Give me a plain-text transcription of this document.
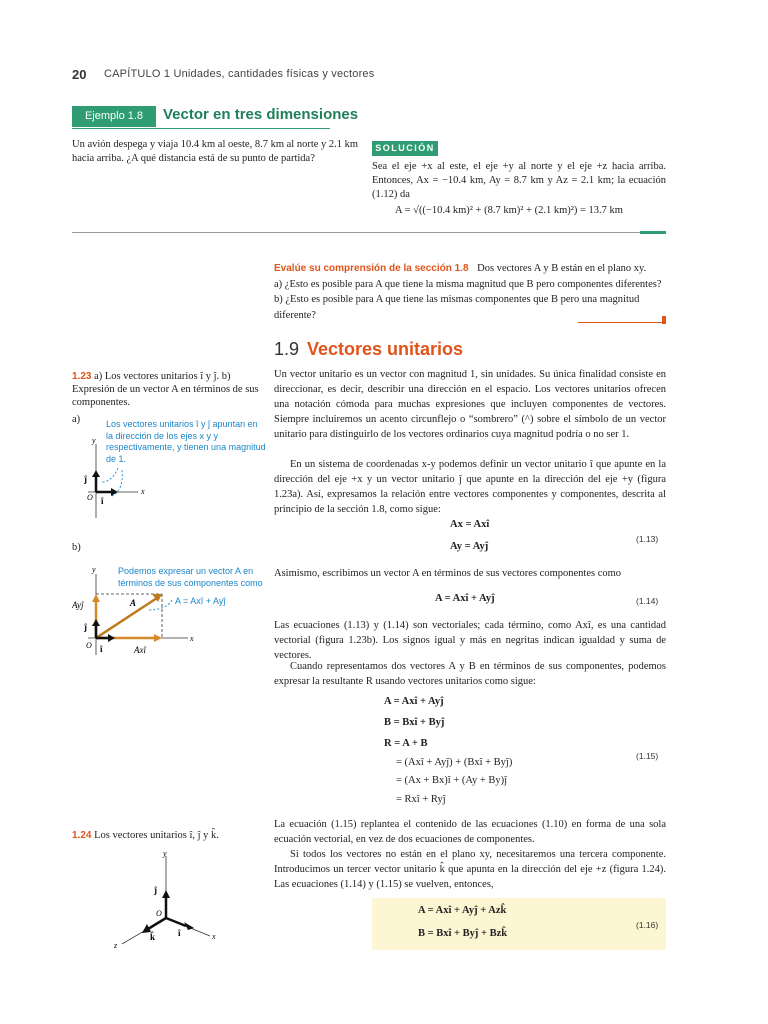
20 CAPÍTULO 1 Unidades, cantidades físicas y vectores
Ejemplo 1.8	Vector en tres dimensiones
Un avión despega y viaja 10.4 km al oeste, 8.7 km al norte y 2.1 km hacia arriba. ¿A qué distancia está de su punto de partida?
SOLUCIÓN
Sea el eje +x al este, el eje +y al norte y el eje +z hacia arriba. Entonces, Ax = −10.4 km, Ay = 8.7 km y Az = 2.1 km; la ecuación (1.12) da
A = √((−10.4 km)² + (8.7 km)² + (2.1 km)²) = 13.7 km
Evalúe su comprensión de la sección 1.8 Dos vectores A y B están en el plano xy.
a) ¿Esto es posible para A que tiene la misma magnitud que B pero componentes diferentes?
b) ¿Esto es posible para A que tiene las mismas componentes que B pero una magnitud diferente?
1.9 Vectores unitarios
Un vector unitario es un vector con magnitud 1, sin unidades. Su única finalidad consiste en direccionar, es decir, describir una dirección en el espacio. Los vectores unitarios ofrecen una notación cómoda para muchas expresiones que incluyen componentes de vectores. Siempre incluiremos un acento circunflejo o “sombrero” (^) sobre el símbolo de un vector unitario para distinguirlo de los vectores ordinarios cuya magnitud podría o no ser 1.
En un sistema de coordenadas x-y podemos definir un vector unitario î que apunte en la dirección del eje +x y un vector unitario ĵ que apunte en la dirección del eje +y (figura 1.23a). Así, expresamos la relación entre vectores componentes y componentes, descrita al principio de la sección 1.8, como sigue:
Ax = Axî
Ay = Ayĵ
(1.13)
Asimismo, escribimos un vector A en términos de sus vectores componentes como
A = Axî + Ayĵ	(1.14)
Las ecuaciones (1.13) y (1.14) son vectoriales; cada término, como Axî, es una cantidad vectorial (figura 1.23b). Los signos igual y más en negritas indican igualdad y suma de vectores.
Cuando representamos dos vectores A y B en términos de sus componentes, podemos expresar la resultante R usando vectores unitarios como sigue:
A = Axî + Ayĵ
B = Bxî + Byĵ
R = A + B
= (Axî + Ayĵ) + (Bxî + Byĵ)
= (Ax + Bx)î + (Ay + By)ĵ
= Rxî + Ryĵ
(1.15)
La ecuación (1.15) replantea el contenido de las ecuaciones (1.10) en forma de una sola ecuación vectorial, en vez de dos ecuaciones de componentes.
Si todos los vectores no están en el plano xy, necesitaremos una tercera componente. Introducimos un tercer vector unitario k̂ que apunta en la dirección del eje +z (figura 1.24). Las ecuaciones (1.14) y (1.15) se vuelven, entonces,
A = Axî + Ayĵ + Azk̂
B = Bxî + Byĵ + Bzk̂
(1.16)
1.23 a) Los vectores unitarios î y ĵ. b) Expresión de un vector A en términos de sus componentes.
a)	Los vectores unitarios î y ĵ apuntan en la dirección de los ejes x y y respectivamente, y tienen una magnitud de 1.
y
x
O
ĵ
î
b)
Podemos expresar un vector A en términos de sus componentes como
A = Axî + Ayĵ
y
x
O
ĵ
î
A
Ayĵ
Axî
1.24 Los vectores unitarios î, ĵ y k̂.
y
x
z
O
ĵ
î
k̂
